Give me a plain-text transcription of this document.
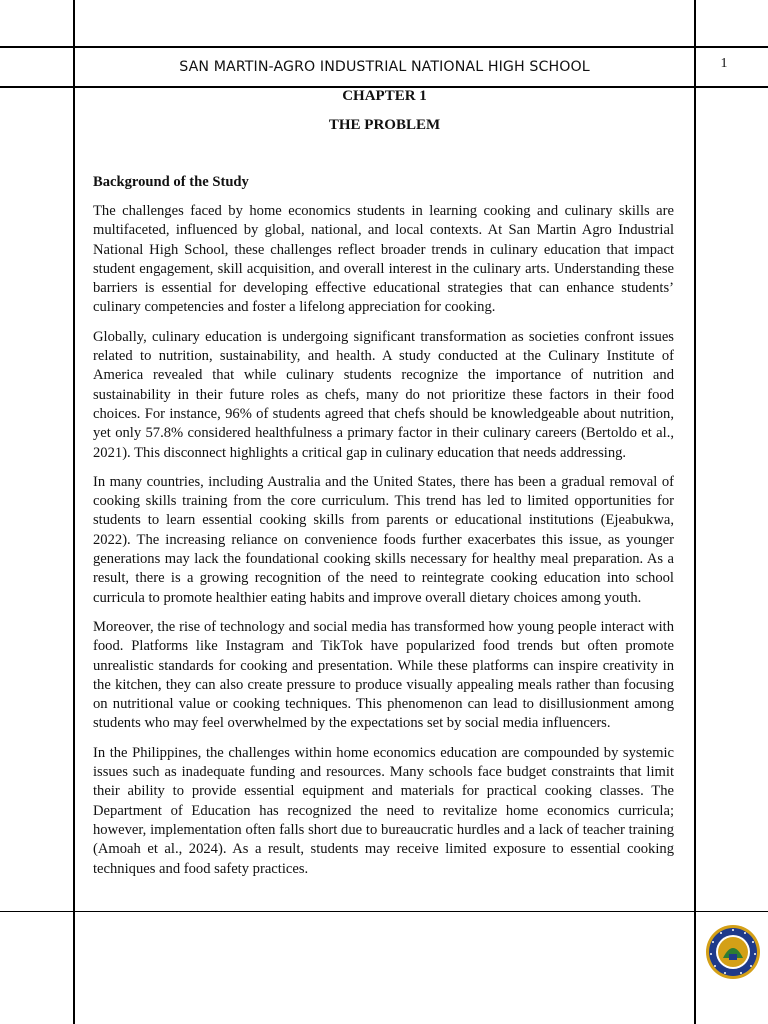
SAN MARTIN-AGRO INDUSTRIAL NATIONAL HIGH SCHOOL	1

CHAPTER 1

THE PROBLEM

Background of the Study

The challenges faced by home economics students in learning cooking and culinary skills are multifaceted, influenced by global, national, and local contexts. At San Martin Agro Industrial National High School, these challenges reflect broader trends in culinary education that impact student engagement, skill acquisition, and overall interest in the culinary arts. Understanding these barriers is essential for developing effective educational strategies that can enhance students’ culinary competencies and foster a lifelong appreciation for cooking.

Globally, culinary education is undergoing significant transformation as societies confront issues related to nutrition, sustainability, and health. A study conducted at the Culinary Institute of America revealed that while culinary students recognize the importance of nutrition and sustainability in their future roles as chefs, many do not prioritize these factors in their food choices. For instance, 96% of students agreed that chefs should be knowledgeable about nutrition, yet only 57.8% considered healthfulness a primary factor in their culinary careers (Bertoldo et al., 2021). This disconnect highlights a critical gap in culinary education that needs addressing.

In many countries, including Australia and the United States, there has been a gradual removal of cooking skills training from the core curriculum. This trend has led to limited opportunities for students to learn essential cooking skills from parents or educational institutions (Ejeabukwa, 2022). The increasing reliance on convenience foods further exacerbates this issue, as younger generations may lack the foundational cooking skills necessary for healthy meal preparation. As a result, there is a growing recognition of the need to reintegrate cooking education into school curricula to promote healthier eating habits and improve overall dietary choices among youth.

Moreover, the rise of technology and social media has transformed how young people interact with food. Platforms like Instagram and TikTok have popularized food trends but often promote unrealistic standards for cooking and presentation. While these platforms can inspire creativity in the kitchen, they can also create pressure to produce visually appealing meals rather than focusing on nutritional value or cooking techniques. This phenomenon can lead to disillusionment among students who may feel overwhelmed by the expectations set by social media influencers.

In the Philippines, the challenges within home economics education are compounded by systemic issues such as inadequate funding and resources. Many schools face budget constraints that limit their ability to provide essential equipment and materials for practical cooking classes. The Department of Education has recognized the need to revitalize home economics curricula; however, implementation often falls short due to bureaucratic hurdles and a lack of teacher training (Amoah et al., 2024). As a result, students may receive limited exposure to essential cooking techniques and food safety practices.
